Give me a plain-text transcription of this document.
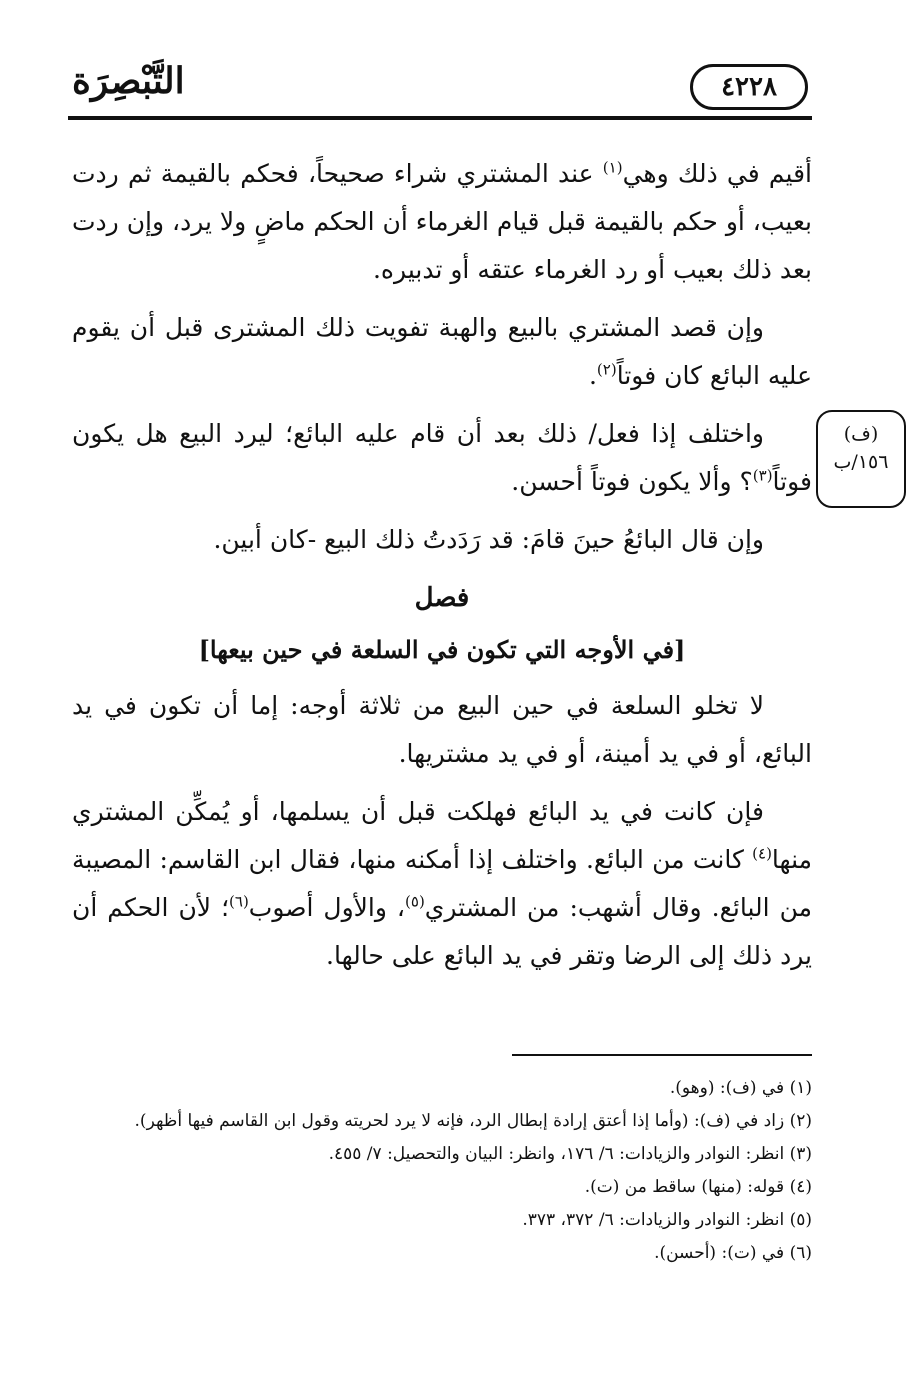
التَّبْصِرَة	٤٢٢٨
(ف)
١٥٦/ب

أقيم في ذلك وهي$^{(١)}$ عند المشتري شراء صحيحاً، فحكم بالقيمة ثم ردت بعيب، أو حكم بالقيمة قبل قيام الغرماء أن الحكم ماضٍ ولا يرد، وإن ردت بعد ذلك بعيب أو رد الغرماء عتقه أو تدبيره.

وإن قصد المشتري بالبيع والهبة تفويت ذلك المشترى قبل أن يقوم عليه البائع كان فوتاً$^{(٢)}$.

واختلف إذا فعل/ ذلك بعد أن قام عليه البائع؛ ليرد البيع هل يكون فوتاً$^{(٣)}$؟ وألا يكون فوتاً أحسن.

وإن قال البائعُ حينَ قامَ: قد رَدَدتُ ذلك البيع -كان أبين.

فصل
[في الأوجه التي تكون في السلعة في حين بيعها]

لا تخلو السلعة في حين البيع من ثلاثة أوجه: إما أن تكون في يد البائع، أو في يد أمينة، أو في يد مشتريها.

فإن كانت في يد البائع فهلكت قبل أن يسلمها، أو يُمكِّن المشتري منها$^{(٤)}$ كانت من البائع. واختلف إذا أمكنه منها، فقال ابن القاسم: المصيبة من البائع. وقال أشهب: من المشتري$^{(٥)}$، والأول أصوب$^{(٦)}$؛ لأن الحكم أن يرد ذلك إلى الرضا وتقر في يد البائع على حالها.

(١) في (ف): (وهو).
(٢) زاد في (ف): (وأما إذا أعتق إرادة إبطال الرد، فإنه لا يرد لحريته وقول ابن القاسم فيها أظهر).
(٣) انظر: النوادر والزيادات: ٦/ ١٧٦، وانظر: البيان والتحصيل: ٧/ ٤٥٥.
(٤) قوله: (منها) ساقط من (ت).
(٥) انظر: النوادر والزيادات: ٦/ ٣٧٢، ٣٧٣.
(٦) في (ت): (أحسن).
